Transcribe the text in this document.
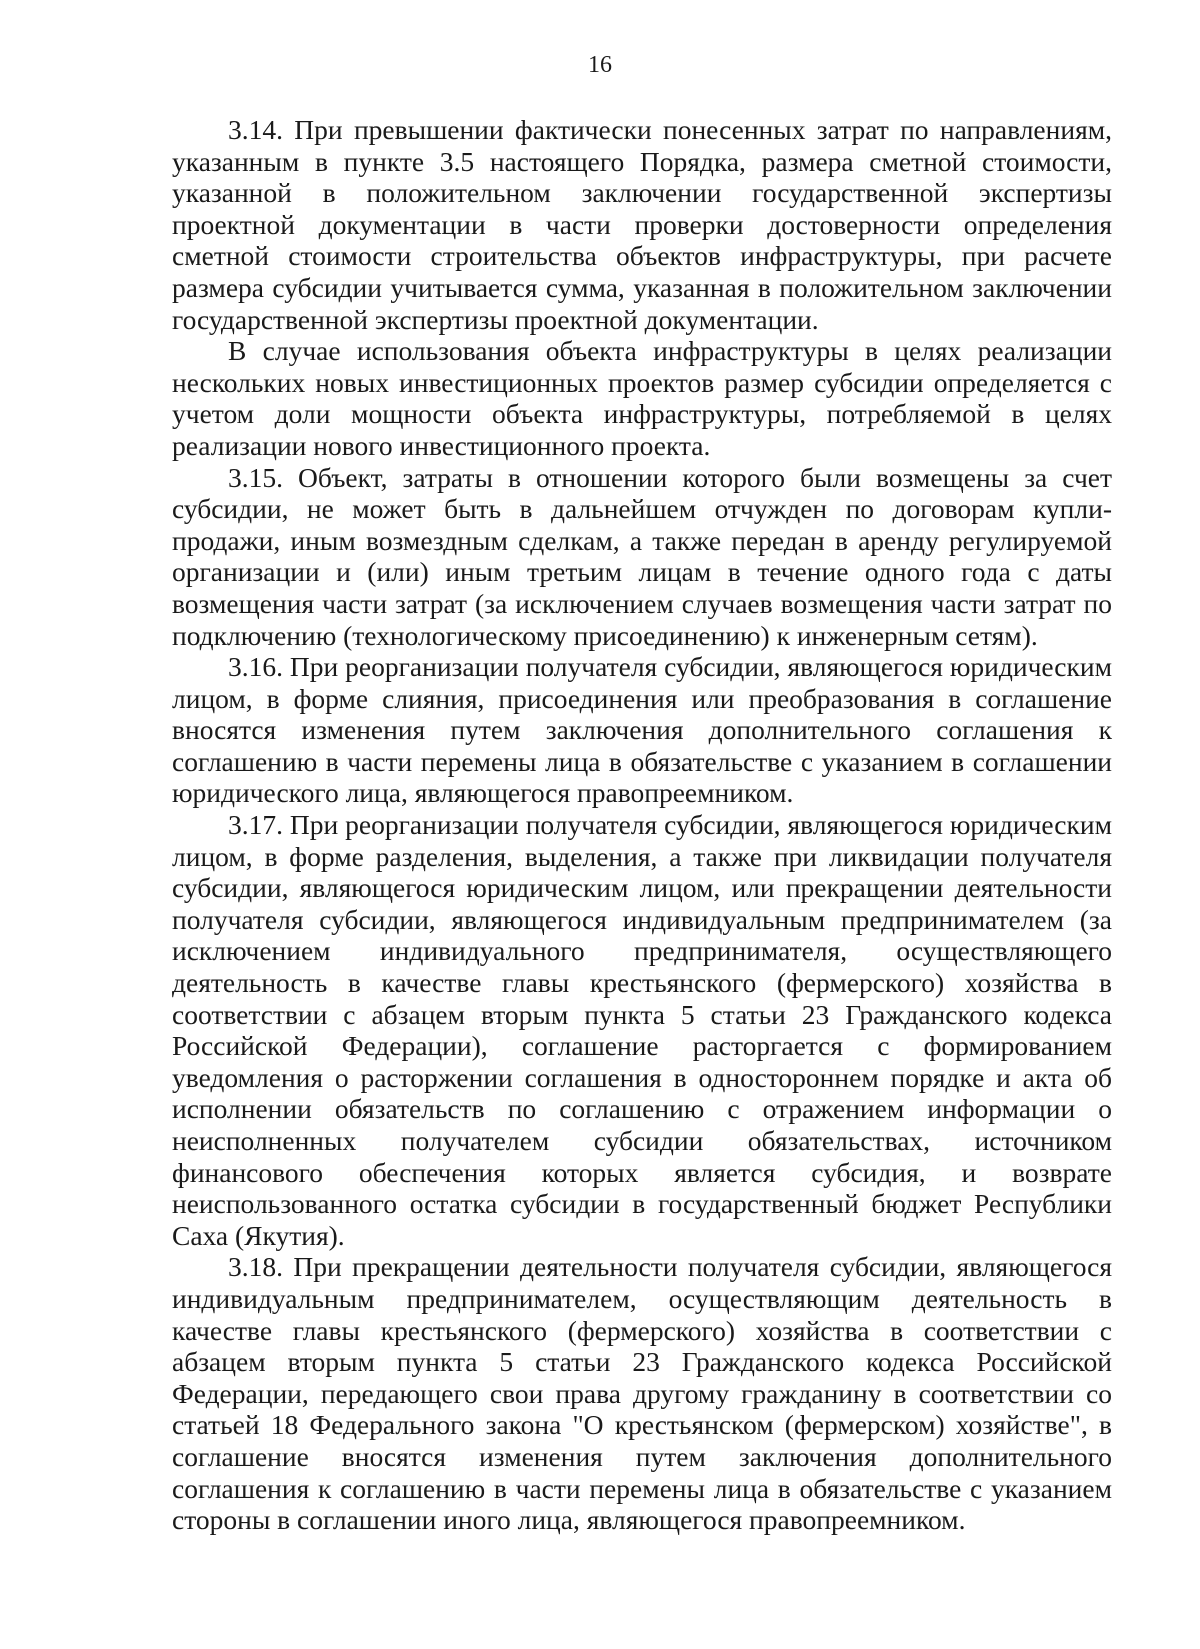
16

3.14. При превышении фактически понесенных затрат по направлениям, указанным в пункте 3.5 настоящего Порядка, размера сметной стоимости, указанной в положительном заключении государственной экспертизы проектной документации в части проверки достоверности определения сметной стоимости строительства объектов инфраструктуры, при расчете размера субсидии учитывается сумма, указанная в положительном заключении государственной экспертизы проектной документации.

В случае использования объекта инфраструктуры в целях реализации нескольких новых инвестиционных проектов размер субсидии определяется с учетом доли мощности объекта инфраструктуры, потребляемой в целях реализации нового инвестиционного проекта.

3.15. Объект, затраты в отношении которого были возмещены за счет субсидии, не может быть в дальнейшем отчужден по договорам купли-продажи, иным возмездным сделкам, а также передан в аренду регулируемой организации и (или) иным третьим лицам в течение одного года с даты возмещения части затрат (за исключением случаев возмещения части затрат по подключению (технологическому присоединению) к инженерным сетям).

3.16. При реорганизации получателя субсидии, являющегося юридическим лицом, в форме слияния, присоединения или преобразования в соглашение вносятся изменения путем заключения дополнительного соглашения к соглашению в части перемены лица в обязательстве с указанием в соглашении юридического лица, являющегося правопреемником.

3.17. При реорганизации получателя субсидии, являющегося юридическим лицом, в форме разделения, выделения, а также при ликвидации получателя субсидии, являющегося юридическим лицом, или прекращении деятельности получателя субсидии, являющегося индивидуальным предпринимателем (за исключением индивидуального предпринимателя, осуществляющего деятельность в качестве главы крестьянского (фермерского) хозяйства в соответствии с абзацем вторым пункта 5 статьи 23 Гражданского кодекса Российской Федерации), соглашение расторгается с формированием уведомления о расторжении соглашения в одностороннем порядке и акта об исполнении обязательств по соглашению с отражением информации о неисполненных получателем субсидии обязательствах, источником финансового обеспечения которых является субсидия, и возврате неиспользованного остатка субсидии в государственный бюджет Республики Саха (Якутия).

3.18. При прекращении деятельности получателя субсидии, являющегося индивидуальным предпринимателем, осуществляющим деятельность в качестве главы крестьянского (фермерского) хозяйства в соответствии с абзацем вторым пункта 5 статьи 23 Гражданского кодекса Российской Федерации, передающего свои права другому гражданину в соответствии со статьей 18 Федерального закона "О крестьянском (фермерском) хозяйстве", в соглашение вносятся изменения путем заключения дополнительного соглашения к соглашению в части перемены лица в обязательстве с указанием стороны в соглашении иного лица, являющегося правопреемником.
